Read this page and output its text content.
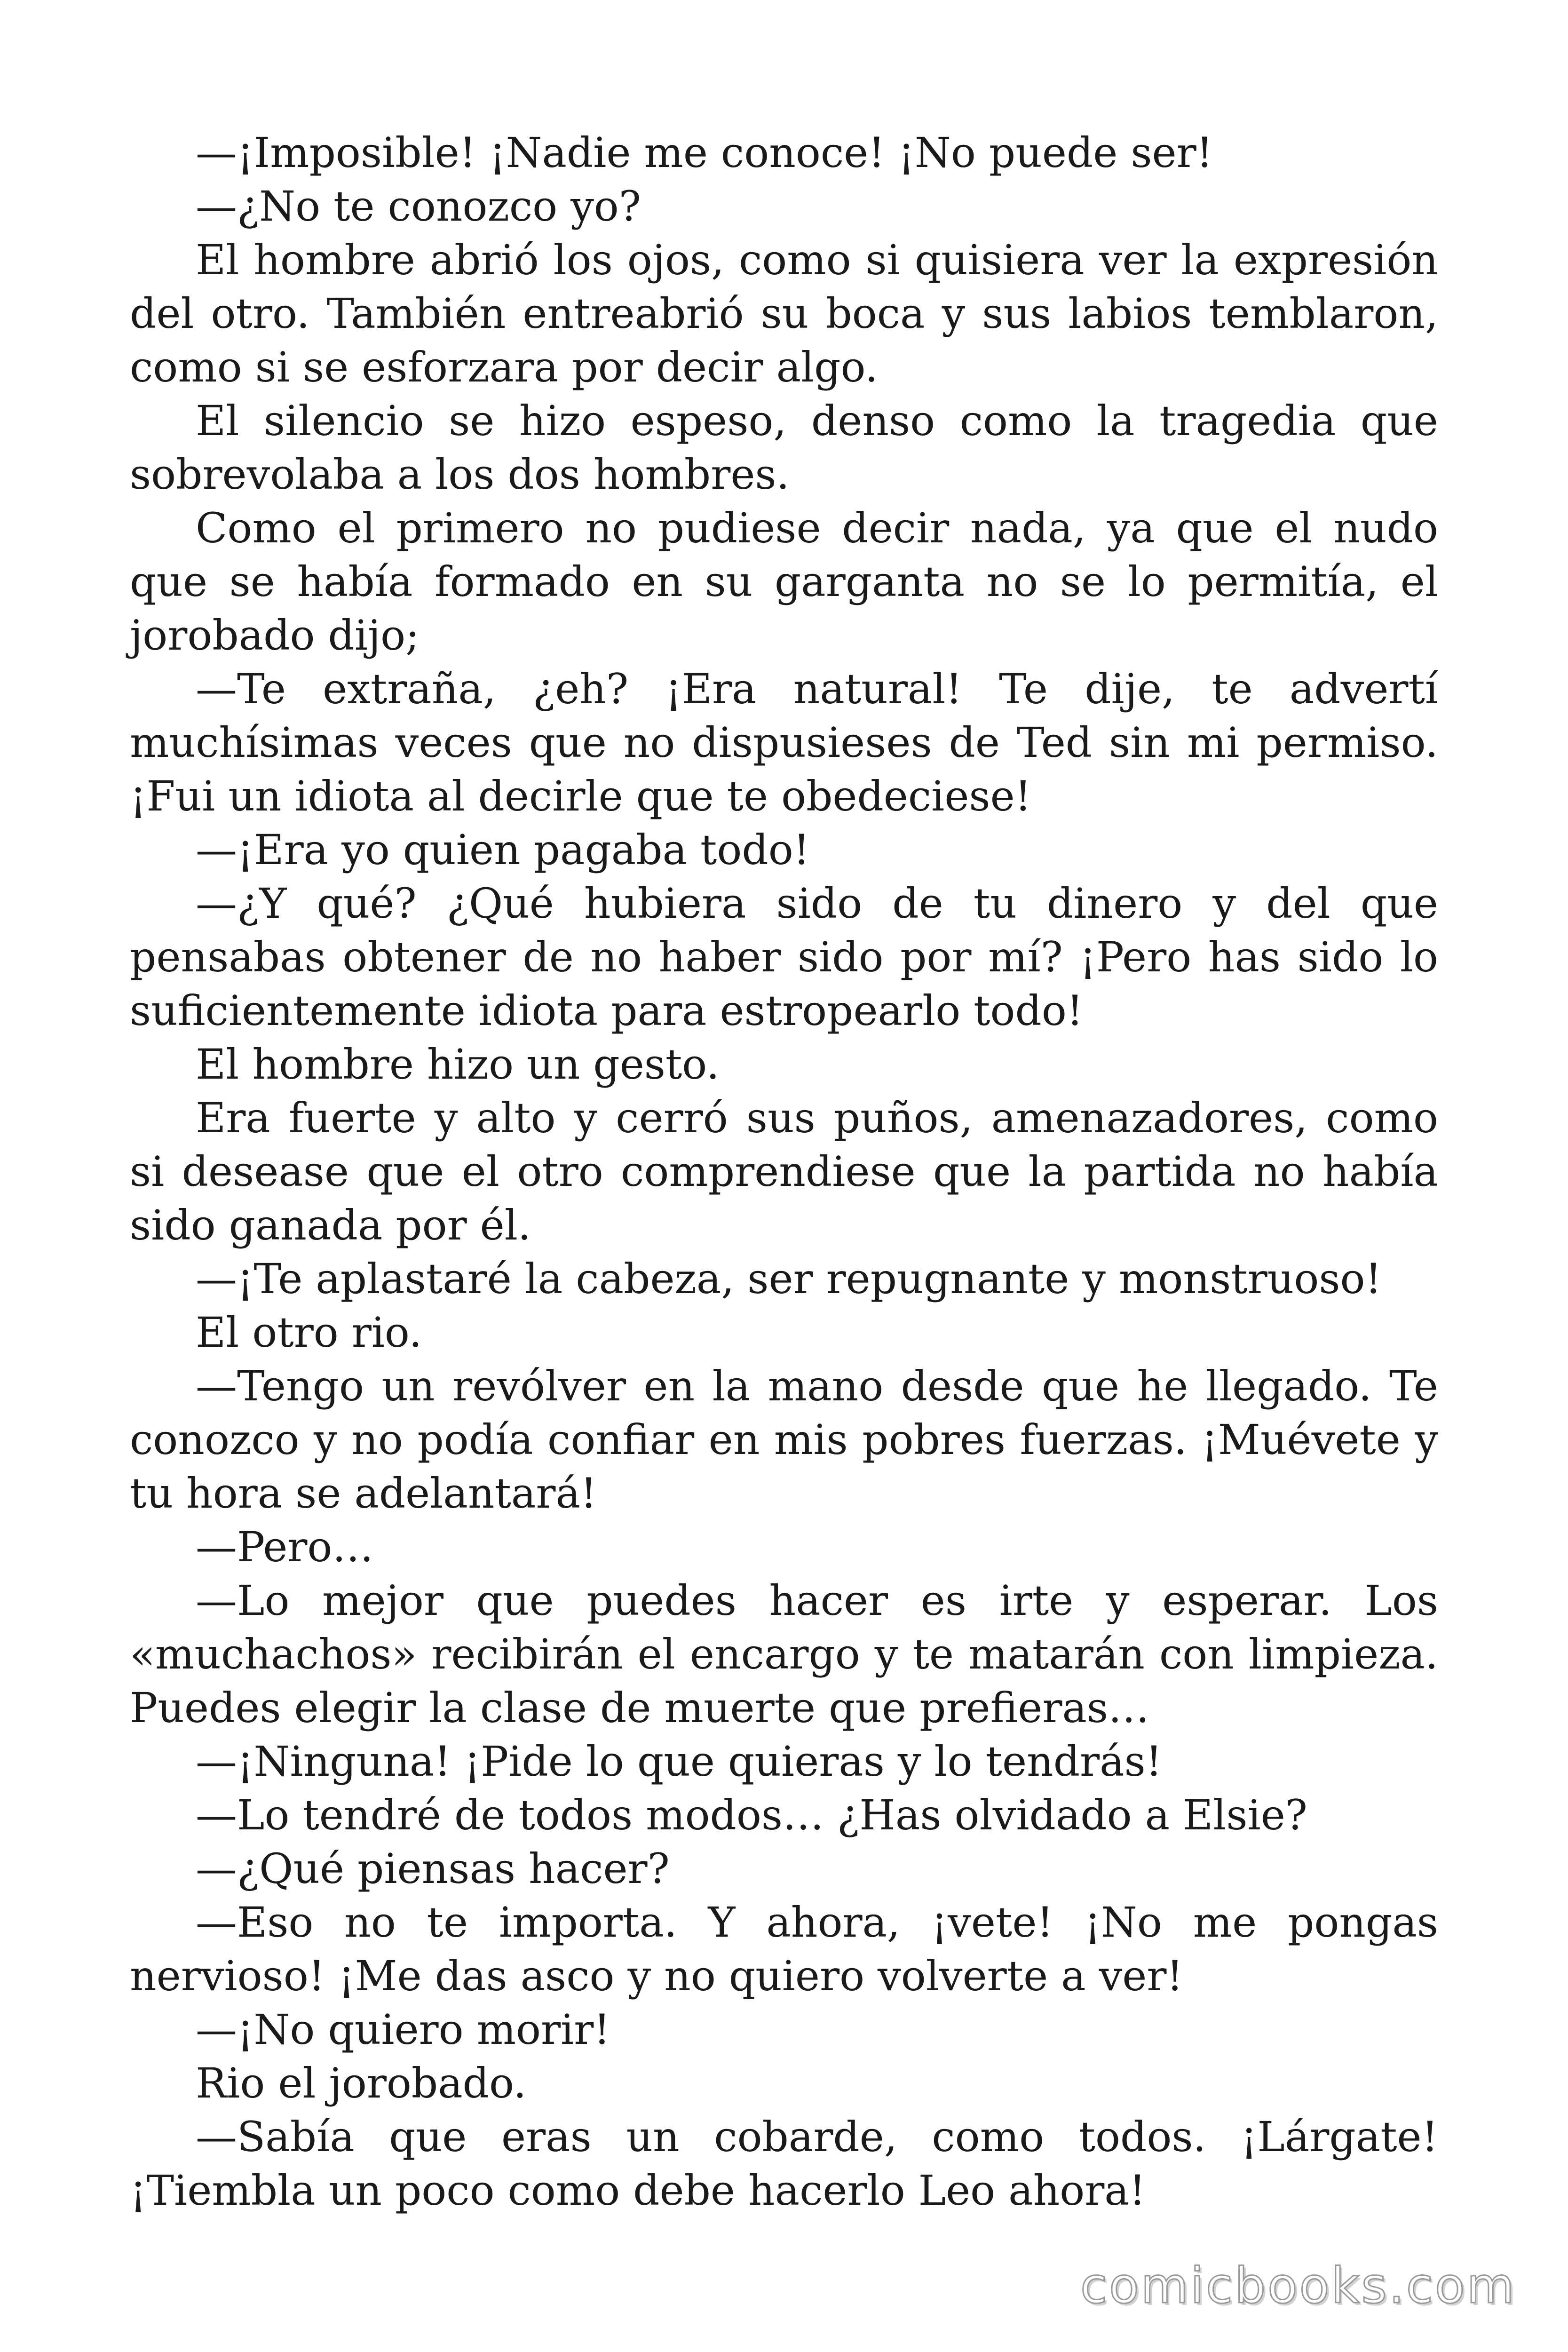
—¡Imposible! ¡Nadie me conoce! ¡No puede ser!

—¿No te conozco yo?

El hombre abrió los ojos, como si quisiera ver la expresión del otro. También entreabrió su boca y sus labios temblaron, como si se esforzara por decir algo.

El silencio se hizo espeso, denso como la tragedia que sobrevolaba a los dos hombres.

Como el primero no pudiese decir nada, ya que el nudo que se había formado en su garganta no se lo permitía, el jorobado dijo;

—Te extraña, ¿eh? ¡Era natural! Te dije, te advertí muchísimas veces que no dispusieses de Ted sin mi permiso. ¡Fui un idiota al decirle que te obedeciese!

—¡Era yo quien pagaba todo!

—¿Y qué? ¿Qué hubiera sido de tu dinero y del que pensabas obtener de no haber sido por mí? ¡Pero has sido lo suficientemente idiota para estropearlo todo!

El hombre hizo un gesto.

Era fuerte y alto y cerró sus puños, amenazadores, como si desease que el otro comprendiese que la partida no había sido ganada por él.

—¡Te aplastaré la cabeza, ser repugnante y monstruoso!

El otro rio.

—Tengo un revólver en la mano desde que he llegado. Te conozco y no podía confiar en mis pobres fuerzas. ¡Muévete y tu hora se adelantará!

—Pero…

—Lo mejor que puedes hacer es irte y esperar. Los «muchachos» recibirán el encargo y te matarán con limpieza. Puedes elegir la clase de muerte que prefieras…

—¡Ninguna! ¡Pide lo que quieras y lo tendrás!

—Lo tendré de todos modos… ¿Has olvidado a Elsie?

—¿Qué piensas hacer?

—Eso no te importa. Y ahora, ¡vete! ¡No me pongas nervioso! ¡Me das asco y no quiero volverte a ver!

—¡No quiero morir!

Rio el jorobado.

—Sabía que eras un cobarde, como todos. ¡Lárgate! ¡Tiembla un poco como debe hacerlo Leo ahora!

comicbooks.com
